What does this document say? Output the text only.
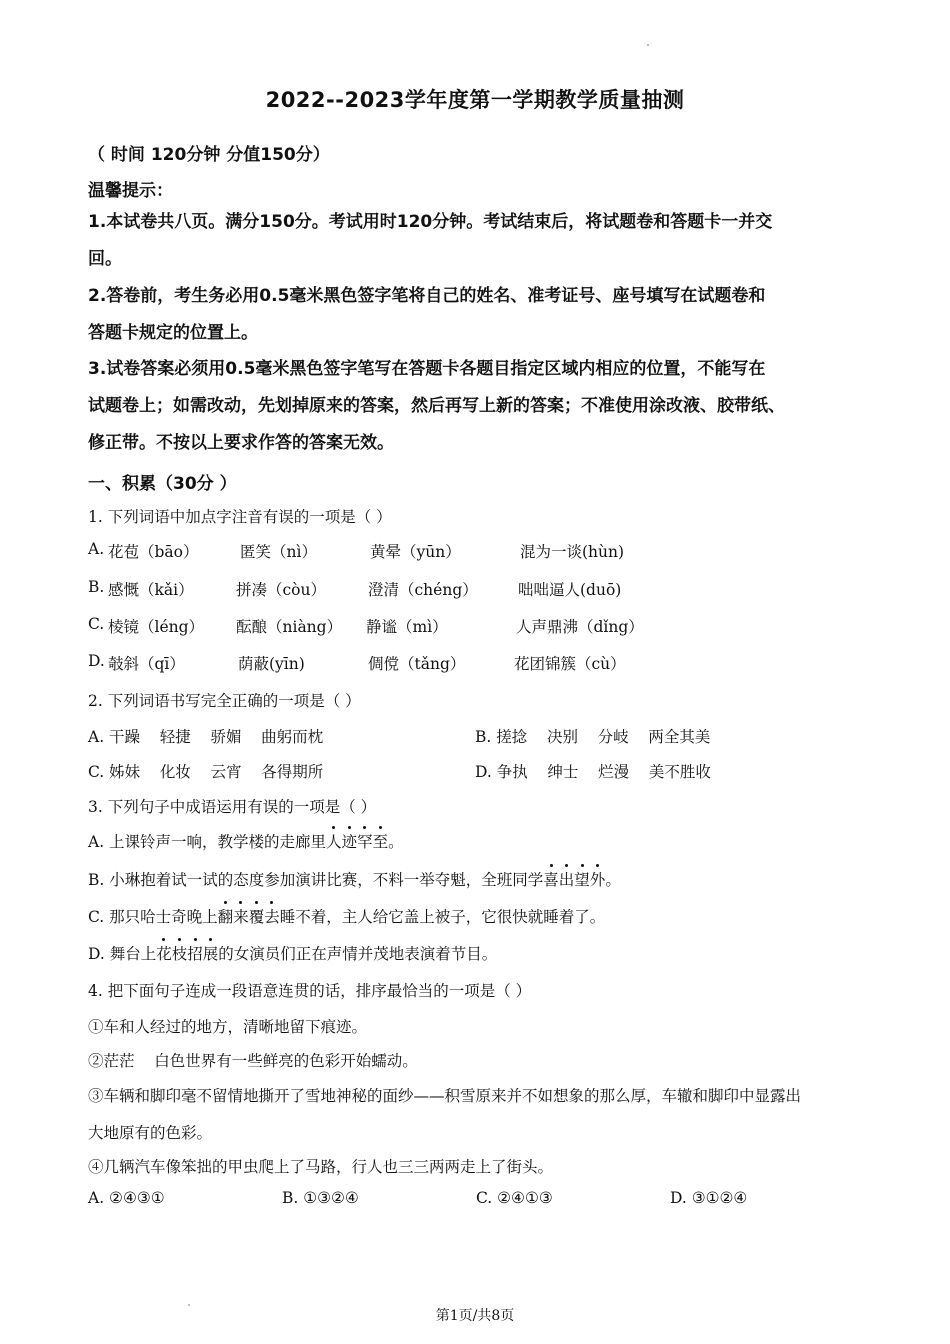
2022--2023学年度第一学期教学质量抽测
（ 时间 120分钟 分值150分）
温馨提示：
1.本试卷共八页。满分150分。考试用时120分钟。考试结束后，将试题卷和答题卡一并交
回。
2.答卷前，考生务必用0.5毫米黑色签字笔将自己的姓名、准考证号、座号填写在试题卷和
答题卡规定的位置上。
3.试卷答案必须用0.5毫米黑色签字笔写在答题卡各题目指定区域内相应的位置，不能写在
试题卷上；如需改动，先划掉原来的答案，然后再写上新的答案；不准使用涂改液、胶带纸、
修正带。不按以上要求作答的答案无效。
一、积累（30分 ）
1. 下列词语中加点字注音有误的一项是（ ）
A. 花苞（bāo）	匿笑（nì）	黄晕（yūn）	混为一谈(hùn)
B. 感慨（kǎi）	拼凑（còu）	澄清（chéng）	咄咄逼人(duō)
C. 棱镜（léng） 酝酿（niàng） 静谧（mì）	人声鼎沸（dǐng）
D. 攲斜（qī）	荫蔽(yīn)	倜傥（tǎng）	花团锦簇（cù）
2. 下列词语书写完全正确的一项是（ ）
A. 干躁    轻捷    骄媚    曲躬而枕	B. 搓捻    决别    分岐    两全其美
C. 姊妹    化妆    云宵    各得期所	D. 争执    绅士    烂漫    美不胜收
3. 下列句子中成语运用有误的一项是（ ）
A. 上课铃声一响，教学楼的走廊里人迹罕至。
B. 小琳抱着试一试的态度参加演讲比赛，不料一举夺魁，全班同学喜出望外。
C. 那只哈士奇晚上翻来覆去睡不着，主人给它盖上被子，它很快就睡着了。
D. 舞台上花枝招展的女演员们正在声情并茂地表演着节目。
4. 把下面句子连成一段语意连贯的话，排序最恰当的一项是（ ）
①车和人经过的地方，清晰地留下痕迹。
②茫茫    白色世界有一些鲜亮的色彩开始蠕动。
③车辆和脚印毫不留情地撕开了雪地神秘的面纱——积雪原来并不如想象的那么厚，车辙和脚印中显露出
大地原有的色彩。
④几辆汽车像笨拙的甲虫爬上了马路，行人也三三两两走上了街头。
A. ②④③①	B. ①③②④	C. ②④①③	D. ③①②④
第1页/共8页
